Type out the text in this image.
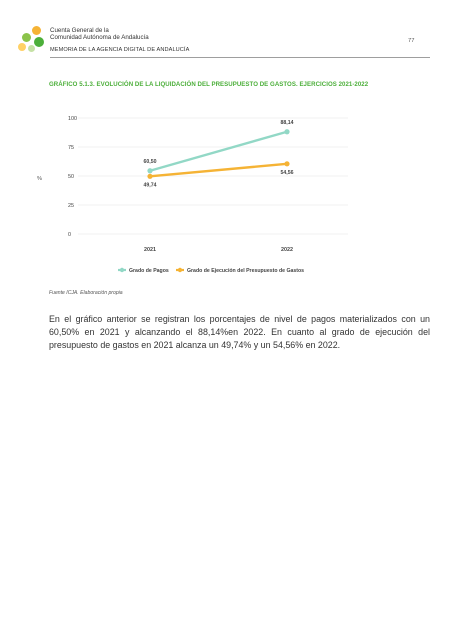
Cuenta General de la
Comunidad Autónoma de Andalucía
MEMORIA DE LA AGENCIA DIGITAL DE ANDALUCÍA
77
GRÁFICO 5.1.3. EVOLUCIÓN DE LA LIQUIDACIÓN DEL PRESUPUESTO DE GASTOS. EJERCICIOS 2021-2022
0
25
50
75
100
%
2021	2022
60,50
88,14
49,74
54,56
Grado de Pagos	Grado de Ejecución del Presupuesto de Gastos
Fuente ICJA. Elaboración propia

En el gráfico anterior se registran los porcentajes de nivel de pagos materializados con un 60,50% en 2021 y alcanzando el 88,14%en 2022. En cuanto al grado de ejecución del presupuesto de gastos en 2021 alcanza un 49,74% y un 54,56% en 2022.
